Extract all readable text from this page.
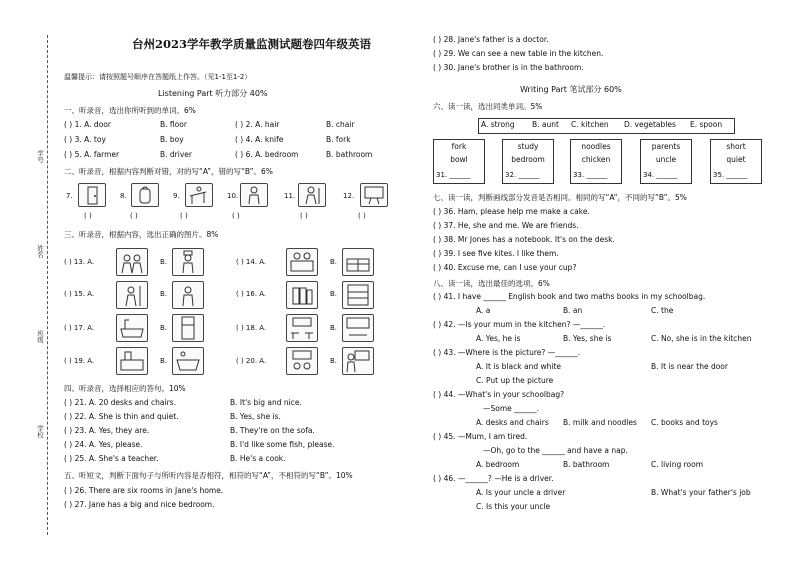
学号
姓名
班级
学校
台州2023学年教学质量监测试题卷四年级英语
温馨提示：请按照题号顺序在答题纸上作答。（见1-1至1-2）
Listening Part 听力部分 40%
一、听录音，选出你所听到的单词。6%
( ) 1. A. door	B. floor	( ) 2. A. hair	B. chair
( ) 3. A. toy	B. boy	( ) 4. A. knife	B. fork
( ) 5. A. farmer	B. driver	( ) 6. A. bedroom	B. bathroom
二、听录音，根据内容判断对错，对的写“A”，错的写“B”。6%
7.
( )
8.
( )
9.
( )
10.
( )
11.
( )
12.
( )
三、听录音，根据内容，选出正确的图片。8%
( ) 13. A.	B.	( ) 14. A.	B.
( ) 15. A.	B.	( ) 16. A.	B.
( ) 17. A.	B.	( ) 18. A.	B.
( ) 19. A.	B.	( ) 20. A.	B.
四、听录音，选择相应的答句。10%
( ) 21. A. 20 desks and chairs.	B. It's big and nice.
( ) 22. A. She is thin and quiet.	B. Yes, she is.
( ) 23. A. Yes, they are.	B. They're on the sofa.
( ) 24. A. Yes, please.	B. I'd like some fish, please.
( ) 25. A. She's a teacher.	B. He's a cook.
五、听短文，判断下面句子与所听内容是否相符，相符的写“A”，不相符的写“B”。10%
( ) 26. There are six rooms in Jane's home.
( ) 27. Jane has a big and nice bedroom.
( ) 28. Jane's father is a doctor.
( ) 29. We can see a new table in the kitchen.
( ) 30. Jane's brother is in the bathroom.
Writing Part 笔试部分 60%
六、读一读，选出同类单词。5%
A. strong B. aunt C. kitchen D. vegetables E. spoon
fork
bowl
31. ______
study
bedroom
32. ______
noodles
chicken
33. ______
parents
uncle
34. ______
short
quiet
35. ______
七、读一读，判断画线部分发音是否相同。相同的写“A”，不同的写“B”。5%
( ) 36. Ham, please help me make a cake.
( ) 37. He, she and me. We are friends.
( ) 38. Mr Jones has a notebook. It's on the desk.
( ) 39. I see five kites. I like them.
( ) 40. Excuse me, can I use your cup?
八、读一读，选出最佳的选项。6%
( ) 41. I have ______ English book and two maths books in my schoolbag.
A. a	B. an	C. the
( ) 42. —Is your mum in the kitchen? —______.
A. Yes, he is	B. Yes, she is	C. No, she is in the kitchen
( ) 43. —Where is the picture? —______.
A. It is black and white	B. It is near the door
C. Put up the picture
( ) 44. —What's in your schoolbag?
—Some ______.
A. desks and chairs B. milk and noodles C. books and toys
( ) 45. —Mum, I am tired.
—Oh, go to the ______ and have a nap.
A. bedroom	B. bathroom	C. living room
( ) 46. —______? —He is a driver.
A. Is your uncle a driver	B. What's your father's job
C. Is this your uncle
